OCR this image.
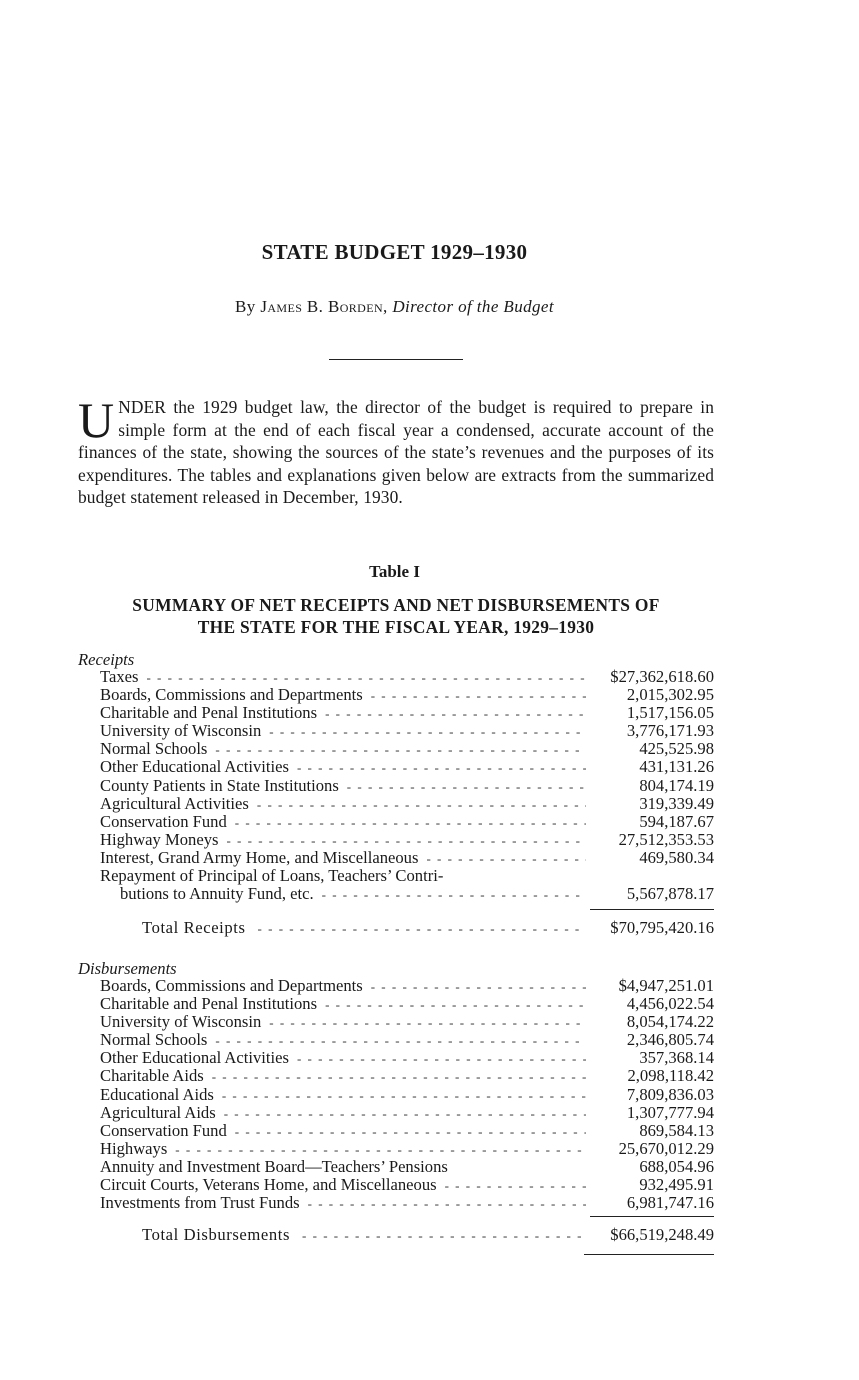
STATE BUDGET 1929–1930
By James B. Borden, Director of the Budget
UNDER the 1929 budget law, the director of the budget is required to prepare in simple form at the end of each fiscal year a condensed, accurate account of the finances of the state, showing the sources of the state’s revenues and the purposes of its expenditures. The tables and explanations given below are extracts from the summarized budget statement released in December, 1930.
Table I
SUMMARY OF NET RECEIPTS AND NET DISBURSEMENTS OF
THE STATE FOR THE FISCAL YEAR, 1929–1930
Receipts
Taxes - - -	$27,362,618.60
Boards, Commissions and Departments - - -	2,015,302.95
Charitable and Penal Institutions - - -	1,517,156.05
University of Wisconsin - - -	3,776,171.93
Normal Schools - - -	425,525.98
Other Educational Activities - - -	431,131.26
County Patients in State Institutions - - -	804,174.19
Agricultural Activities - - -	319,339.49
Conservation Fund - - -	594,187.67
Highway Moneys - - -	27,512,353.53
Interest, Grand Army Home, and Miscellaneous - - -	469,580.34
Repayment of Principal of Loans, Teachers’ Contri-
butions to Annuity Fund, etc. - - -	5,567,878.17
Total Receipts - - -	$70,795,420.16
Disbursements
Boards, Commissions and Departments - - -	$4,947,251.01
Charitable and Penal Institutions - - -	4,456,022.54
University of Wisconsin - - -	8,054,174.22
Normal Schools - - -	2,346,805.74
Other Educational Activities - - -	357,368.14
Charitable Aids - - -	2,098,118.42
Educational Aids - - -	7,809,836.03
Agricultural Aids - - -	1,307,777.94
Conservation Fund - - -	869,584.13
Highways - - -	25,670,012.29
Annuity and Investment Board—Teachers’ Pensions	688,054.96
Circuit Courts, Veterans Home, and Miscellaneous - - -	932,495.91
Investments from Trust Funds - - -	6,981,747.16
Total Disbursements - - -	$66,519,248.49
